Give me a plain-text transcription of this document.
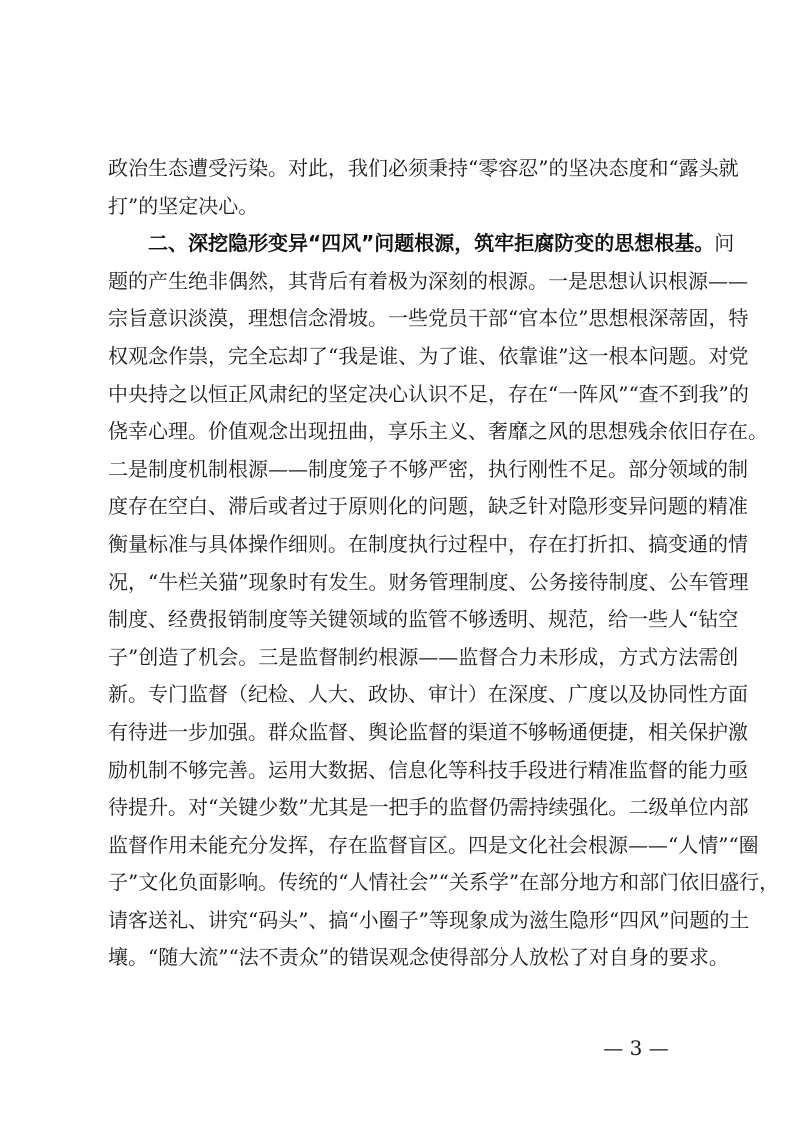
政治生态遭受污染。对此，我们必须秉持“零容忍”的坚决态度和“露头就
打”的坚定决心。
二、深挖隐形变异“四风”问题根源，筑牢拒腐防变的思想根基。问
题的产生绝非偶然，其背后有着极为深刻的根源。一是思想认识根源——
宗旨意识淡漠，理想信念滑坡。一些党员干部“官本位”思想根深蒂固，特
权观念作祟，完全忘却了“我是谁、为了谁、依靠谁”这一根本问题。对党
中央持之以恒正风肃纪的坚定决心认识不足，存在“一阵风”“查不到我”的
侥幸心理。价值观念出现扭曲，享乐主义、奢靡之风的思想残余依旧存在。
二是制度机制根源——制度笼子不够严密，执行刚性不足。部分领域的制
度存在空白、滞后或者过于原则化的问题，缺乏针对隐形变异问题的精准
衡量标准与具体操作细则。在制度执行过程中，存在打折扣、搞变通的情
况，“牛栏关猫”现象时有发生。财务管理制度、公务接待制度、公车管理
制度、经费报销制度等关键领域的监管不够透明、规范，给一些人“钻空
子”创造了机会。三是监督制约根源——监督合力未形成，方式方法需创
新。专门监督（纪检、人大、政协、审计）在深度、广度以及协同性方面
有待进一步加强。群众监督、舆论监督的渠道不够畅通便捷，相关保护激
励机制不够完善。运用大数据、信息化等科技手段进行精准监督的能力亟
待提升。对“关键少数”尤其是一把手的监督仍需持续强化。二级单位内部
监督作用未能充分发挥，存在监督盲区。四是文化社会根源——“人情”“圈
子”文化负面影响。传统的“人情社会”“关系学”在部分地方和部门依旧盛行，
请客送礼、讲究“码头”、搞“小圈子”等现象成为滋生隐形“四风”问题的土
壤。“随大流”“法不责众”的错误观念使得部分人放松了对自身的要求。

— 3 —
